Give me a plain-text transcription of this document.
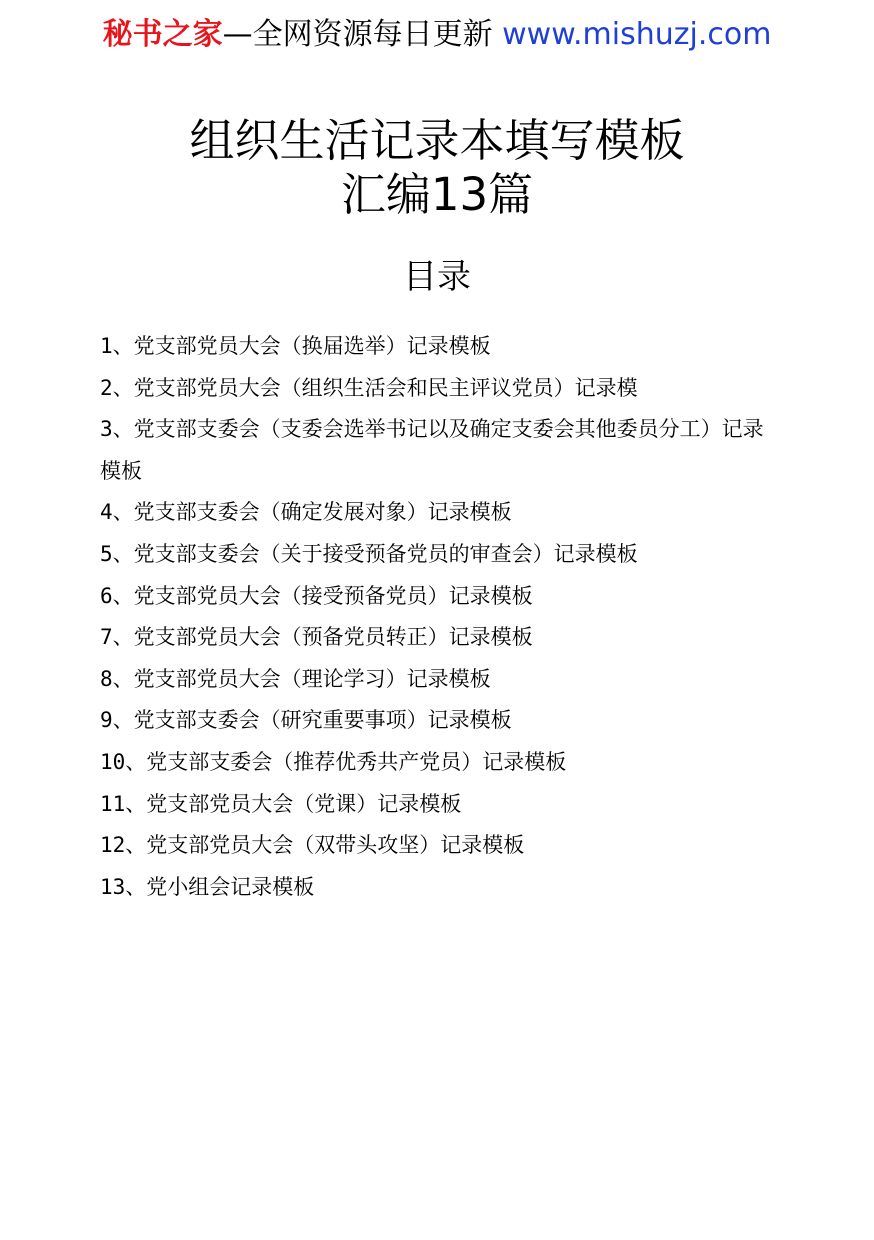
秘书之家—全网资源每日更新 www.mishuzj.com
组织生活记录本填写模板
汇编13篇
目录
1、党支部党员大会（换届选举）记录模板
2、党支部党员大会（组织生活会和民主评议党员）记录模
3、党支部支委会（支委会选举书记以及确定支委会其他委员分工）记录模板
4、党支部支委会（确定发展对象）记录模板
5、党支部支委会（关于接受预备党员的审查会）记录模板
6、党支部党员大会（接受预备党员）记录模板
7、党支部党员大会（预备党员转正）记录模板
8、党支部党员大会（理论学习）记录模板
9、党支部支委会（研究重要事项）记录模板
10、党支部支委会（推荐优秀共产党员）记录模板
11、党支部党员大会（党课）记录模板
12、党支部党员大会（双带头攻坚）记录模板
13、党小组会记录模板
